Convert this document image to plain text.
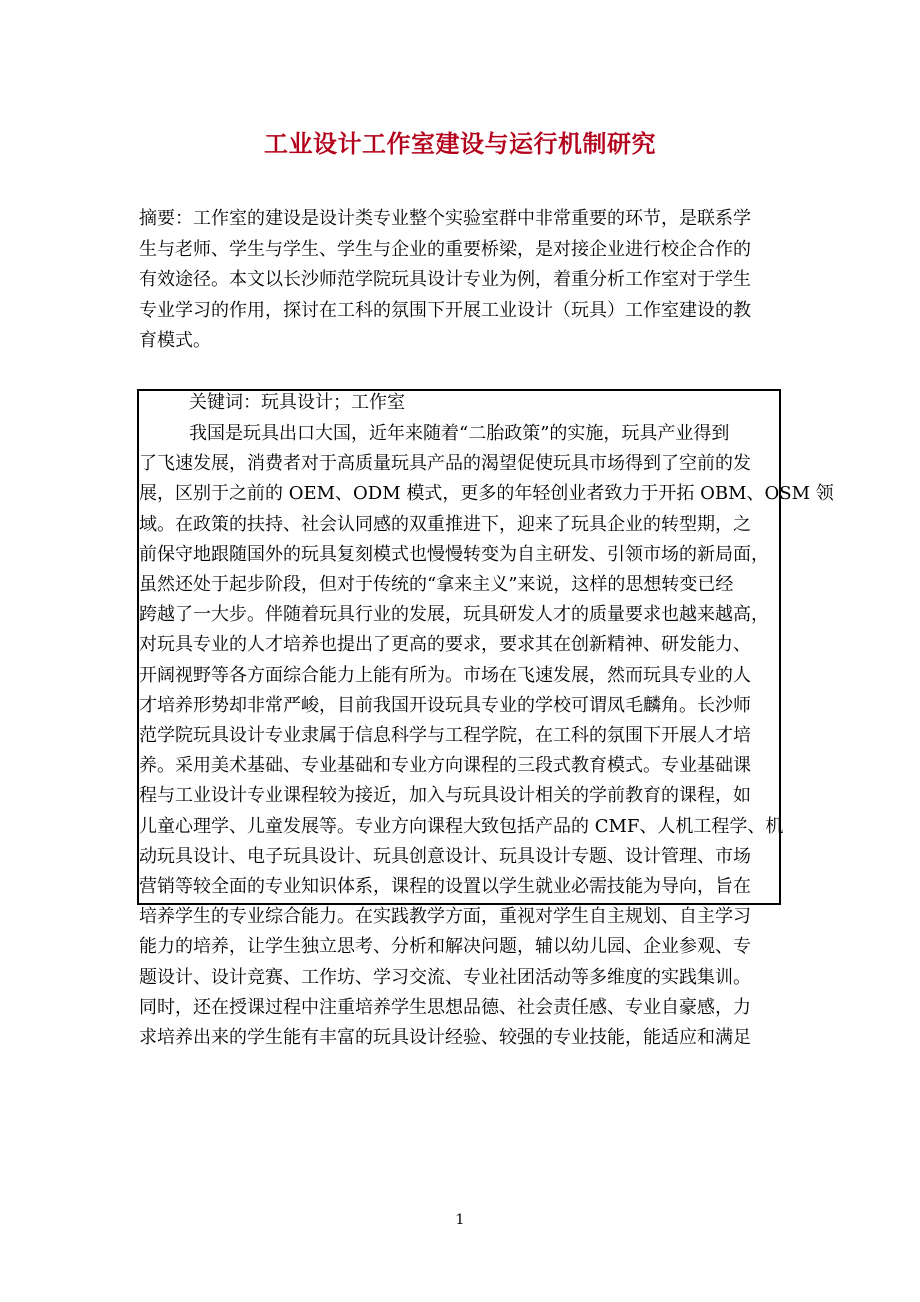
工业设计工作室建设与运行机制研究
摘要：工作室的建设是设计类专业整个实验室群中非常重要的环节，是联系学
生与老师、学生与学生、学生与企业的重要桥梁，是对接企业进行校企合作的
有效途径。本文以长沙师范学院玩具设计专业为例，着重分析工作室对于学生
专业学习的作用，探讨在工科的氛围下开展工业设计（玩具）工作室建设的教
育模式。
关键词：玩具设计；工作室
我国是玩具出口大国，近年来随着“二胎政策”的实施，玩具产业得到
了飞速发展，消费者对于高质量玩具产品的渴望促使玩具市场得到了空前的发
展，区别于之前的 OEM、ODM 模式，更多的年轻创业者致力于开拓 OBM、OSM 领
域。在政策的扶持、社会认同感的双重推进下，迎来了玩具企业的转型期，之
前保守地跟随国外的玩具复刻模式也慢慢转变为自主研发、引领市场的新局面，
虽然还处于起步阶段，但对于传统的“拿来主义”来说，这样的思想转变已经
跨越了一大步。伴随着玩具行业的发展，玩具研发人才的质量要求也越来越高，
对玩具专业的人才培养也提出了更高的要求，要求其在创新精神、研发能力、
开阔视野等各方面综合能力上能有所为。市场在飞速发展，然而玩具专业的人
才培养形势却非常严峻，目前我国开设玩具专业的学校可谓凤毛麟角。长沙师
范学院玩具设计专业隶属于信息科学与工程学院，在工科的氛围下开展人才培
养。采用美术基础、专业基础和专业方向课程的三段式教育模式。专业基础课
程与工业设计专业课程较为接近，加入与玩具设计相关的学前教育的课程，如
儿童心理学、儿童发展等。专业方向课程大致包括产品的 CMF、人机工程学、机
动玩具设计、电子玩具设计、玩具创意设计、玩具设计专题、设计管理、市场
营销等较全面的专业知识体系，课程的设置以学生就业必需技能为导向，旨在
培养学生的专业综合能力。在实践教学方面，重视对学生自主规划、自主学习
能力的培养，让学生独立思考、分析和解决问题，辅以幼儿园、企业参观、专
题设计、设计竞赛、工作坊、学习交流、专业社团活动等多维度的实践集训。
同时，还在授课过程中注重培养学生思想品德、社会责任感、专业自豪感，力
求培养出来的学生能有丰富的玩具设计经验、较强的专业技能，能适应和满足
1
